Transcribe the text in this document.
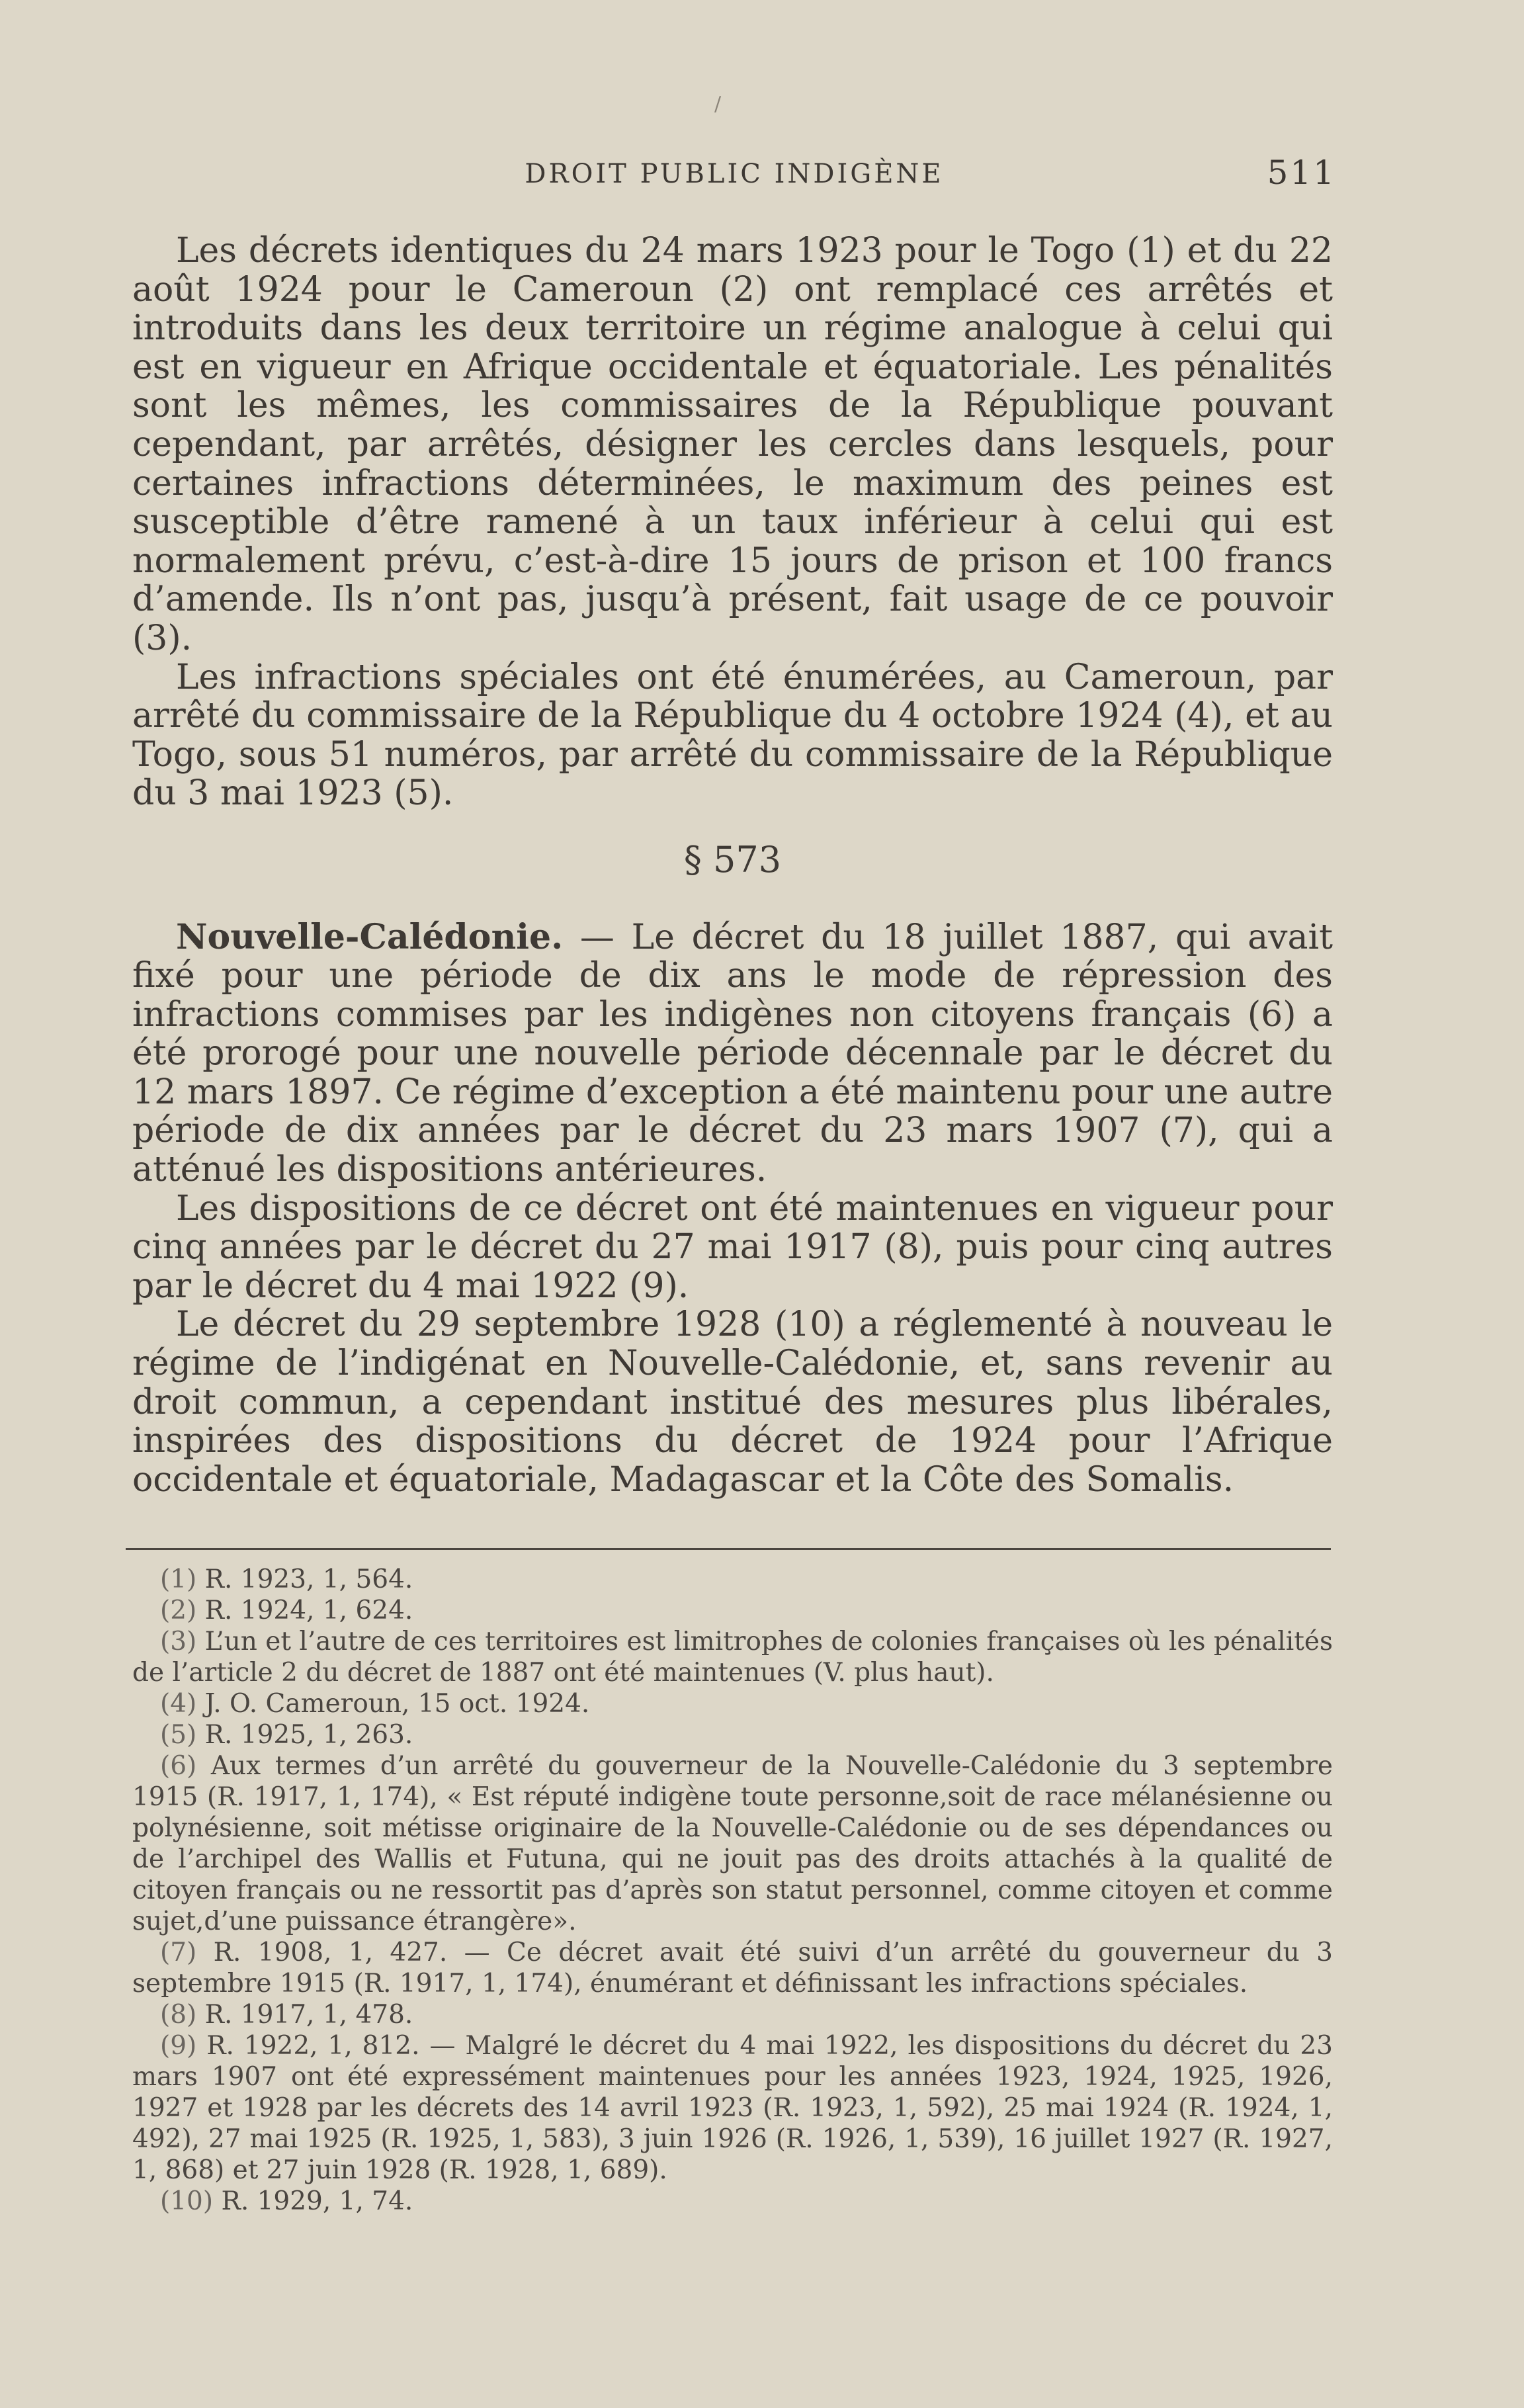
/
DROIT PUBLIC INDIGÈNE	511

Les décrets identiques du 24 mars 1923 pour le Togo (1) et du 22 août 1924 pour le Cameroun (2) ont remplacé ces arrêtés et introduits dans les deux territoire un régime analogue à celui qui est en vigueur en Afrique occidentale et équatoriale. Les pénalités sont les mêmes, les commissaires de la République pouvant cependant, par arrêtés, désigner les cercles dans lesquels, pour certaines infractions déterminées, le maximum des peines est susceptible d’être ramené à un taux inférieur à celui qui est normalement prévu, c’est-à-dire 15 jours de prison et 100 francs d’amende. Ils n’ont pas, jusqu’à présent, fait usage de ce pouvoir (3).

Les infractions spéciales ont été énumérées, au Cameroun, par arrêté du commissaire de la République du 4 octobre 1924 (4), et au Togo, sous 51 numéros, par arrêté du commissaire de la République du 3 mai 1923 (5).

§ 573

Nouvelle-Calédonie. — Le décret du 18 juillet 1887, qui avait fixé pour une période de dix ans le mode de répression des infractions commises par les indigènes non citoyens français (6) a été prorogé pour une nouvelle période décennale par le décret du 12 mars 1897. Ce régime d’exception a été maintenu pour une autre période de dix années par le décret du 23 mars 1907 (7), qui a atténué les dispositions antérieures.

Les dispositions de ce décret ont été maintenues en vigueur pour cinq années par le décret du 27 mai 1917 (8), puis pour cinq autres par le décret du 4 mai 1922 (9).

Le décret du 29 septembre 1928 (10) a réglementé à nouveau le régime de l’indigénat en Nouvelle-Calédonie, et, sans revenir au droit commun, a cependant institué des mesures plus libérales, inspirées des dispositions du décret de 1924 pour l’Afrique occidentale et équatoriale, Madagascar et la Côte des Somalis.

(1) R. 1923, 1, 564.

(2) R. 1924, 1, 624.

(3) L’un et l’autre de ces territoires est limitrophes de colonies françaises où les pénalités de l’article 2 du décret de 1887 ont été maintenues (V. plus haut).

(4) J. O. Cameroun, 15 oct. 1924.

(5) R. 1925, 1, 263.

(6) Aux termes d’un arrêté du gouverneur de la Nouvelle-Calédonie du 3 septembre 1915 (R. 1917, 1, 174), « Est réputé indigène toute personne,soit de race mélanésienne ou polynésienne, soit métisse originaire de la Nouvelle-Calédonie ou de ses dépendances ou de l’archipel des Wallis et Futuna, qui ne jouit pas des droits attachés à la qualité de citoyen français ou ne ressortit pas d’après son statut personnel, comme citoyen et comme sujet,d’une puissance étrangère».

(7) R. 1908, 1, 427. — Ce décret avait été suivi d’un arrêté du gouverneur du 3 septembre 1915 (R. 1917, 1, 174), énumérant et définissant les infractions spéciales.

(8) R. 1917, 1, 478.

(9) R. 1922, 1, 812. — Malgré le décret du 4 mai 1922, les dispositions du décret du 23 mars 1907 ont été expressément maintenues pour les années 1923, 1924, 1925, 1926, 1927 et 1928 par les décrets des 14 avril 1923 (R. 1923, 1, 592), 25 mai 1924 (R. 1924, 1, 492), 27 mai 1925 (R. 1925, 1, 583), 3 juin 1926 (R. 1926, 1, 539), 16 juillet 1927 (R. 1927, 1, 868) et 27 juin 1928 (R. 1928, 1, 689).

(10) R. 1929, 1, 74.
